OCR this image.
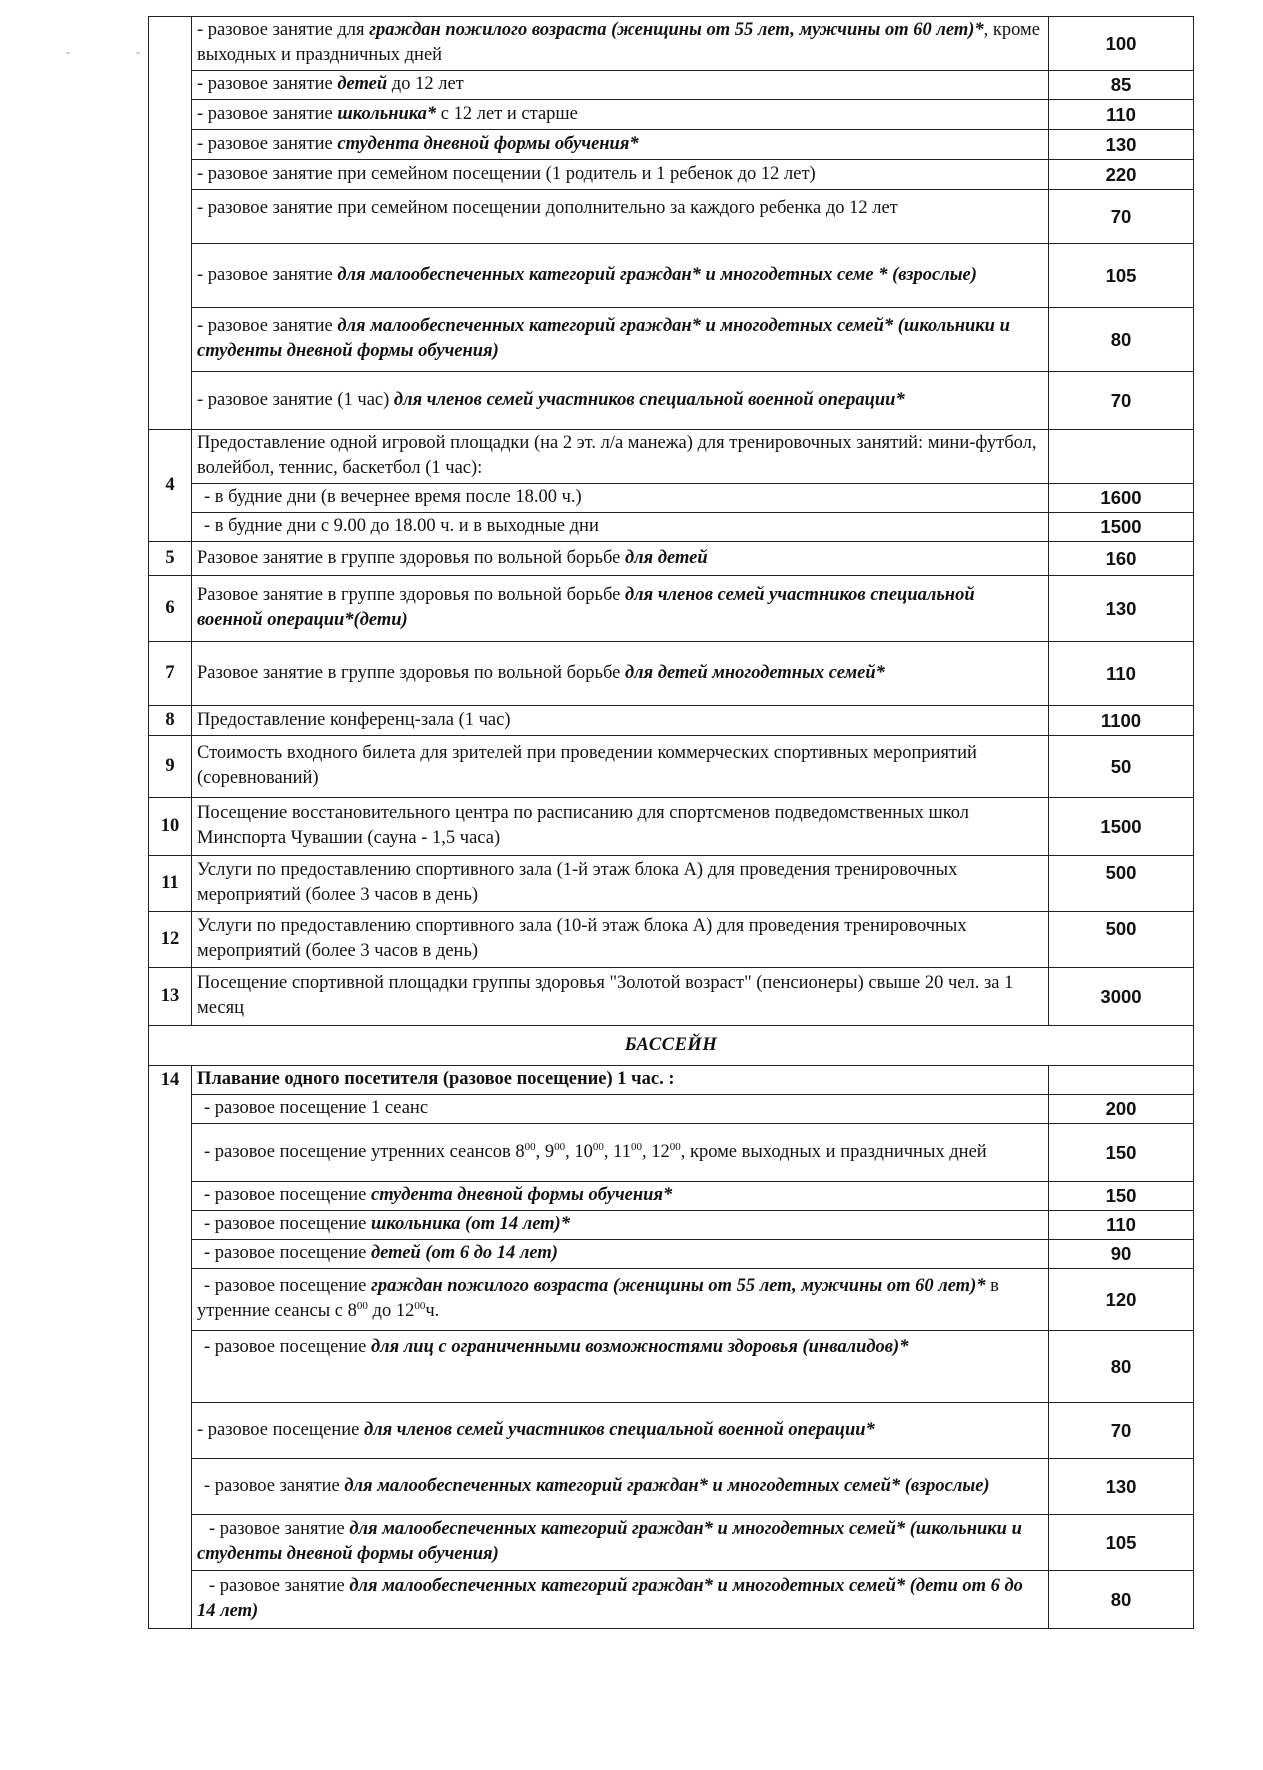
-	-
	- разовое занятие для граждан пожилого возраста (женщины от 55 лет, мужчины от 60 лет)*, кроме выходных и праздничных дней	100
	- разовое занятие детей до 12 лет	85
	- разовое занятие школьника* с 12 лет и старше	110
	- разовое занятие студента дневной формы обучения*	130
	- разовое занятие при семейном посещении (1 родитель и 1 ребенок до 12 лет)	220
	- разовое занятие при семейном посещении дополнительно за каждого ребенка до 12 лет	70
	- разовое занятие для малообеспеченных категорий граждан* и многодетных семе * (взрослые)	105
	- разовое занятие для малообеспеченных категорий граждан* и многодетных семей* (школьники и студенты дневной формы обучения)	80
	- разовое занятие (1 час) для членов семей участников специальной военной операции*	70
4	Предоставление одной игровой площадки (на 2 эт. л/а манежа) для тренировочных занятий: мини-футбол, волейбол, теннис, баскетбол (1 час):	
	- в будние дни (в вечернее время после 18.00 ч.)	1600
	- в будние дни с 9.00 до 18.00 ч. и в выходные дни	1500
5	Разовое занятие в группе здоровья по вольной борьбе для детей	160
6	Разовое занятие в группе здоровья по вольной борьбе для членов семей участников специальной военной операции*(дети)	130
7	Разовое занятие в группе здоровья по вольной борьбе для детей многодетных семей*	110
8	Предоставление конференц-зала (1 час)	1100
9	Стоимость входного билета для зрителей при проведении коммерческих спортивных мероприятий (соревнований)	50
10	Посещение восстановительного центра по расписанию для спортсменов подведомственных школ Минспорта Чувашии (сауна - 1,5 часа)	1500
11	Услуги по предоставлению спортивного зала (1-й этаж блока А) для проведения тренировочных мероприятий (более 3 часов в день)	500
12	Услуги по предоставлению спортивного зала (10-й этаж блока А) для проведения тренировочных мероприятий (более 3 часов в день)	500
13	Посещение спортивной площадки группы здоровья "Золотой возраст" (пенсионеры) свыше 20 чел. за 1 месяц	3000
БАССЕЙН		
14	Плавание одного посетителя (разовое посещение) 1 час. :	
	- разовое посещение 1 сеанс	200
	- разовое посещение утренних сеансов $8^{00}$, $9^{00}$, $10^{00}$, $11^{00}$, $12^{00}$, кроме выходных и праздничных дней	150
	- разовое посещение студента дневной формы обучения*	150
	- разовое посещение школьника (от 14 лет)*	110
	- разовое посещение детей (от 6 до 14 лет)	90
	- разовое посещение граждан пожилого возраста (женщины от 55 лет, мужчины от 60 лет)* в утренние сеансы с $8^{00}$ до $12^{00}ч$.	120
	- разовое посещение для лиц с ограниченными возможностями здоровья (инвалидов)*	80
	- разовое посещение для членов семей участников специальной военной операции*	70
	- разовое занятие для малообеспеченных категорий граждан* и многодетных семей* (взрослые)	130
	- разовое занятие для малообеспеченных категорий граждан* и многодетных семей* (школьники и студенты дневной формы обучения)	105
	- разовое занятие для малообеспеченных категорий граждан* и многодетных семей* (дети от 6 до 14 лет)	80
